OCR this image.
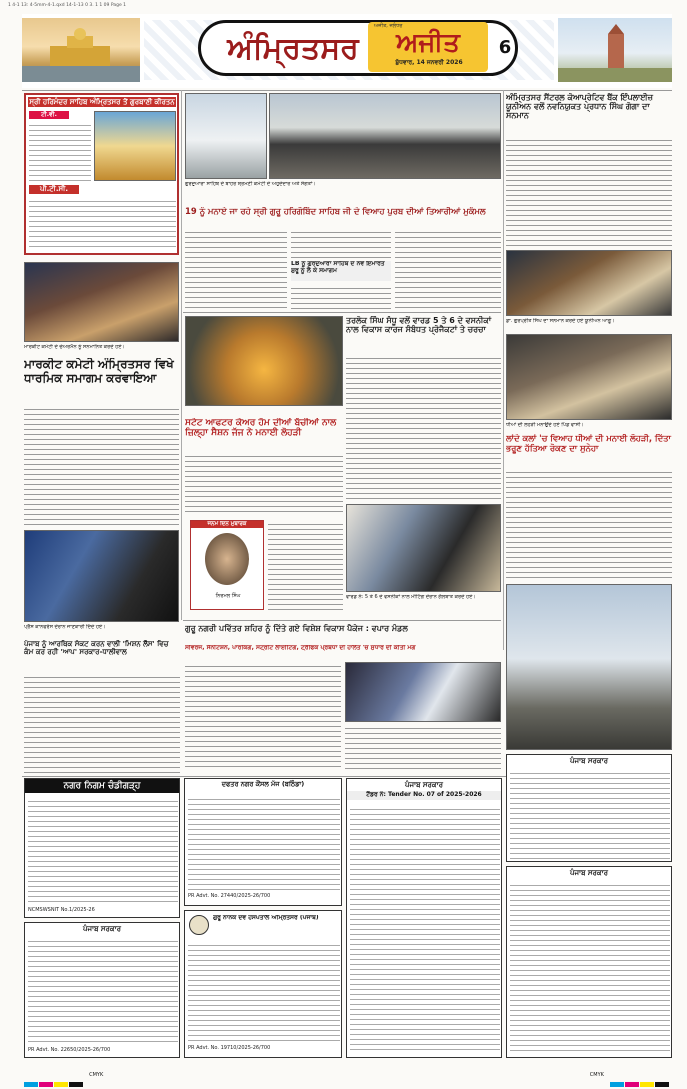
1 4-1 13: 4-5mm-4-1.qxd 14-1-13 0 3. 1 1 09 Page 1
ਅੰਮ੍ਰਿਤਸਰ
ਅਜੀਤ, ਜਲੰਧਰ
ਅਜੀਤ
ਬੁੱਧਵਾਰ, 14 ਜਨਵਰੀ 2026
6
ਸ੍ਰੀ ਹਰਿਮੰਦਰ ਸਾਹਿਬ ਅੰਮ੍ਰਿਤਸਰ ਤੋਂ ਗੁਰਬਾਣੀ ਕੀਰਤਨ
ਟੀ.ਵੀ.
ਪੀ.ਟੀ.ਸੀ.
ਮਾਰਕੀਟ ਕਮੇਟੀ ਦੇ ਚੇਅਰਮੈਨ ਨੂੰ ਸਨਮਾਨਿਤ ਕਰਦੇ ਹੋਏ।
ਮਾਰਕੀਟ ਕਮੇਟੀ ਅੰਮ੍ਰਿਤਸਰ ਵਿਖੇ ਧਾਰਮਿਕ ਸਮਾਗਮ ਕਰਵਾਇਆ
ਪ੍ਰੈੱਸ ਕਾਨਫਰੰਸ ਦੌਰਾਨ ਜਾਣਕਾਰੀ ਦਿੰਦੇ ਹੋਏ।
ਗੁਰਦੁਆਰਾ ਸਾਹਿਬ ਦੇ ਬਾਹਰ ਸ਼੍ਰੋਮਣੀ ਕਮੇਟੀ ਦੇ ਅਹੁਦੇਦਾਰ ਅਤੇ ਸੰਗਤਾਂ।
19 ਨੂੰ ਮਨਾਏ ਜਾ ਰਹੇ ਸ੍ਰੀ ਗੁਰੂ ਹਰਿਗੋਬਿੰਦ ਸਾਹਿਬ ਜੀ ਦੇ ਵਿਆਹ ਪੁਰਬ ਦੀਆਂ ਤਿਆਰੀਆਂ ਮੁਕੰਮਲ
LB ਨੂੰ ਗੁਰਦੁਆਰਾ ਸਾਹਿਬ ਦੇ ਨਵੇਂ ਇਮਾਰਤ ਸ਼ੁਰੂ ਨੂੰ ਲੈ ਕੇ ਸਮਾਗਮ
ਅੰਮ੍ਰਿਤਸਰ ਸੈਂਟਰਲ ਕੋਆਪ੍ਰੇਟਿਵ ਬੈਂਕ ਇੰਪਲਾਈਜ਼ ਯੂਨੀਅਨ ਵਲੋਂ ਨਵਨਿਯੁਕਤ ਪ੍ਰਧਾਨ ਸਿੰਘ ਗੋਗਾ ਦਾ ਸਨਮਾਨ
ਡਾ. ਗੁਰਪ੍ਰੀਤ ਸਿੰਘ ਦਾ ਸਨਮਾਨ ਕਰਦੇ ਹੋਏ ਯੂਨੀਅਨ ਆਗੂ।
ਸਟੇਟ ਆਫਟਰ ਕੇਅਰ ਹੋਮ ਦੀਆਂ ਬੱਚੀਆਂ ਨਾਲ ਜ਼ਿਲ੍ਹਾ ਸੈਸ਼ਨ ਜੱਜ ਨੇ ਮਨਾਈ ਲੋਹੜੀ
ਜਨਮ ਦਿਨ ਮੁਬਾਰਕ
ਨਿਰਮਲ ਸਿੰਘ
ਤਰਲੋਕ ਸਿੰਘ ਸੰਧੂ ਵਲੋਂ ਵਾਰਡ 5 ਤੇ 6 ਦੇ ਵਸਨੀਕਾਂ ਨਾਲ ਵਿਕਾਸ ਕਾਰਜ ਸੰਬੰਧਤ ਪ੍ਰੋਜੈਕਟਾਂ ਤੇ ਚਰਚਾ
ਵਾਰਡ ਨੰ: 5 ਤੇ 6 ਦੇ ਵਸਨੀਕਾਂ ਨਾਲ ਮੀਟਿੰਗ ਦੌਰਾਨ ਗੱਲਬਾਤ ਕਰਦੇ ਹੋਏ।
ਧੀਆਂ ਦੀ ਲੋਹੜੀ ਮਨਾਉਂਦੇ ਹੋਏ ਪਿੰਡ ਵਾਸੀ।
ਲਾਂਦੇ ਕਲਾਂ 'ਚ ਵਿਆਹ ਧੀਆਂ ਦੀ ਮਨਾਈ ਲੋਹੜੀ, ਦਿੱਤਾ ਭਰੂਣ ਹੱਤਿਆ ਰੋਕਣ ਦਾ ਸੁਨੇਹਾ
ਗੁਰੂ ਨਗਰੀ ਪਵਿੱਤਰ ਸ਼ਹਿਰ ਨੂੰ ਦਿੱਤੇ ਗਏ ਵਿਸ਼ੇਸ਼ ਵਿਕਾਸ ਪੈਕੇਜ : ਵਪਾਰ ਮੰਡਲ
ਸੀਵਰੇਜ, ਸੈਨੀਟੇਸ਼ਨ, ਪਾਰਕਿੰਗ, ਸਟ੍ਰੀਟ ਲਾਈਟਿੰਗ, ਟ੍ਰੈਫਿਕ ਪ੍ਰਬੰਧਾਂ ਦੀ ਹਾਲਤ 'ਚ ਸੁਧਾਰ ਦੀ ਕੀਤੀ ਮੰਗ
ਪੰਜਾਬ ਨੂੰ ਆਰਥਿਕ ਸੰਕਟ ਕਰਨ ਵਾਲੀ 'ਮਿਸ਼ਨ ਲੈੱਸ' ਵਿਚ ਕੰਮ ਕਰ ਰਹੀ 'ਆਪ' ਸਰਕਾਰ-ਧਾਲੀਵਾਲ
ਨਗਰ ਨਿਗਮ ਚੰਡੀਗੜ੍ਹ
NCMSWSNIT No.1/2025-26
ਪੰਜਾਬ ਸਰਕਾਰ
PR Advt. No. 22650/2025-26/700
ਦਫਤਰ ਨਗਰ ਕੌਂਸਲ ਮੱਜ (ਬਠਿੰਡਾ)
PR Advt. No. 27440/2025-26/700
ਗੁਰੂ ਨਾਨਕ ਦੇਵ ਹਸਪਤਾਲ ਅੰਮ੍ਰਿਤਸਰ (ਪੰਜਾਬ)
PR Advt. No. 19710/2025-26/700
ਪੰਜਾਬ ਸਰਕਾਰ
ਟੈਂਡਰ ਨੰ: Tender No. 07 of 2025-2026
ਪੰਜਾਬ ਸਰਕਾਰ
ਪੰਜਾਬ ਸਰਕਾਰ
CMYK	CMYK
